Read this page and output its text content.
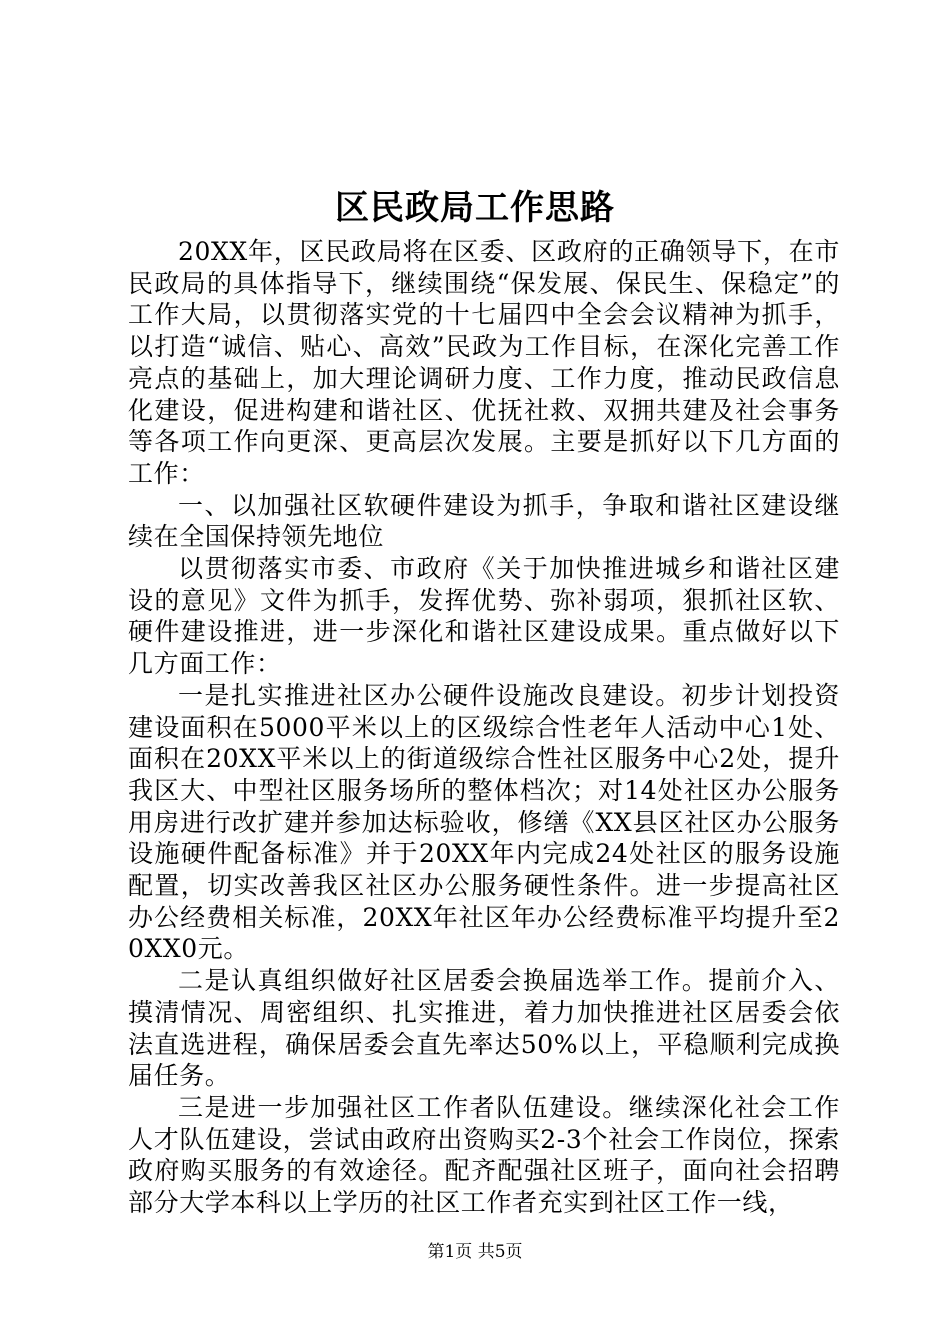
区民政局工作思路

20XX年，区民政局将在区委、区政府的正确领导下，在市民政局的具体指导下，继续围绕“保发展、保民生、保稳定”的工作大局，以贯彻落实党的十七届四中全会会议精神为抓手，以打造“诚信、贴心、高效”民政为工作目标，在深化完善工作亮点的基础上，加大理论调研力度、工作力度，推动民政信息化建设，促进构建和谐社区、优抚社救、双拥共建及社会事务等各项工作向更深、更高层次发展。主要是抓好以下几方面的工作：

一、以加强社区软硬件建设为抓手，争取和谐社区建设继续在全国保持领先地位

以贯彻落实市委、市政府《关于加快推进城乡和谐社区建设的意见》文件为抓手，发挥优势、弥补弱项，狠抓社区软、硬件建设推进，进一步深化和谐社区建设成果。重点做好以下几方面工作：

一是扎实推进社区办公硬件设施改良建设。初步计划投资建设面积在5000平米以上的区级综合性老年人活动中心1处、面积在20XX平米以上的街道级综合性社区服务中心2处，提升我区大、中型社区服务场所的整体档次；对14处社区办公服务用房进行改扩建并参加达标验收，修缮《XX县区社区办公服务设施硬件配备标准》并于20XX年内完成24处社区的服务设施配置，切实改善我区社区办公服务硬性条件。进一步提高社区办公经费相关标准，20XX年社区年办公经费标准平均提升至20XX0元。

二是认真组织做好社区居委会换届选举工作。提前介入、摸清情况、周密组织、扎实推进，着力加快推进社区居委会依法直选进程，确保居委会直先率达50%以上，平稳顺利完成换届任务。

三是进一步加强社区工作者队伍建设。继续深化社会工作人才队伍建设，尝试由政府出资购买2-3个社会工作岗位，探索政府购买服务的有效途径。配齐配强社区班子，面向社会招聘部分大学本科以上学历的社区工作者充实到社区工作一线，

第1页 共5页
